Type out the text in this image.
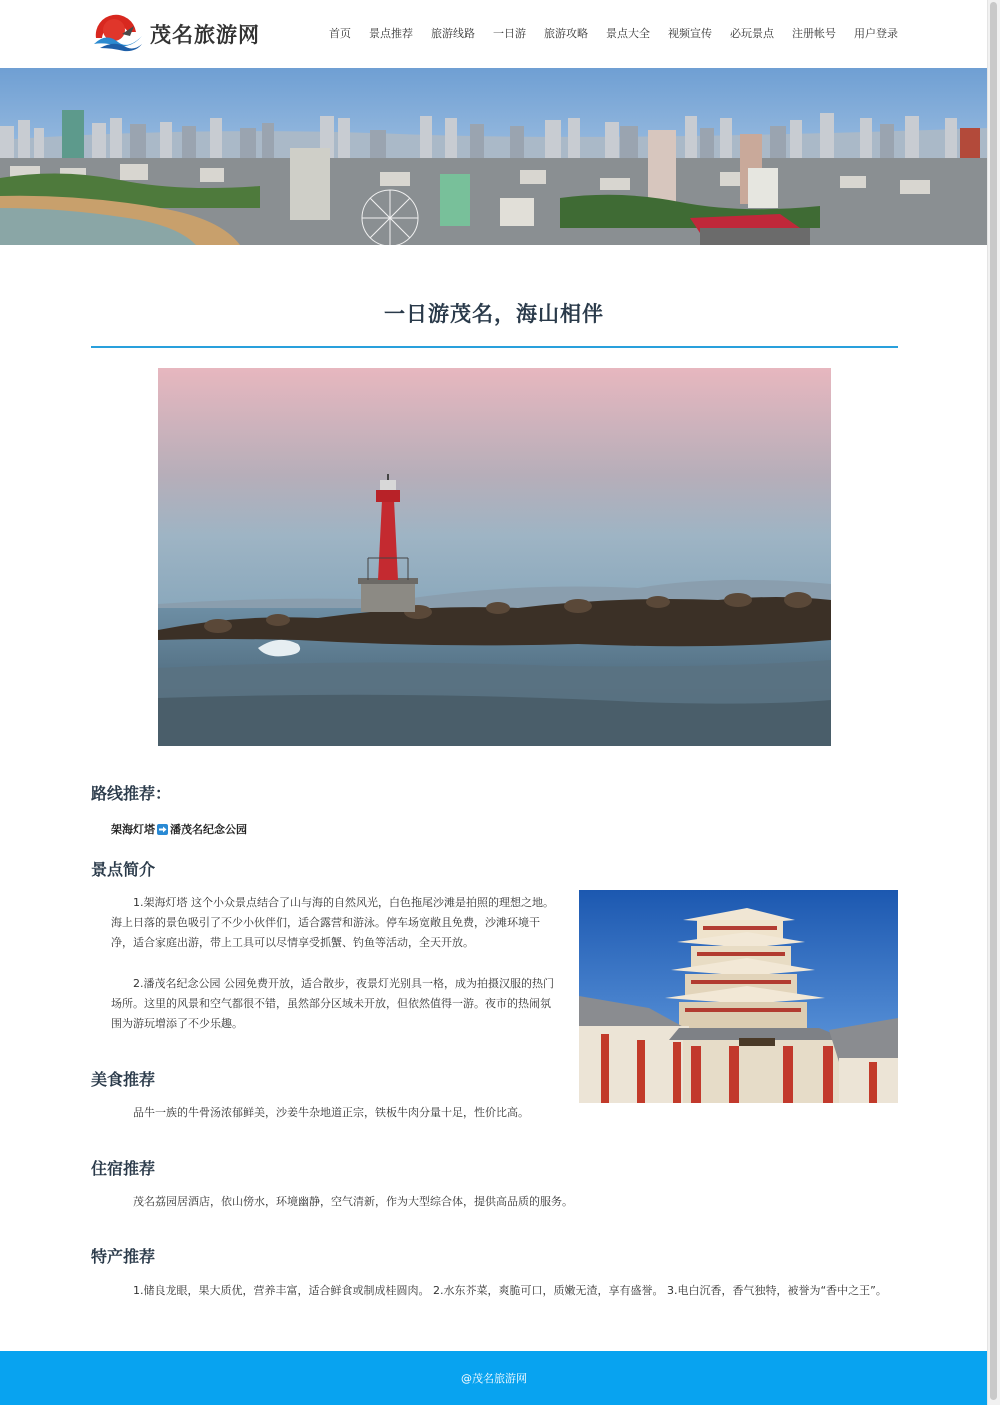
茂名旅游网	首页 景点推荐 旅游线路 一日游 旅游攻略 景点大全 视频宣传 必玩景点 注册帐号 用户登录
一日游茂名，海山相伴
路线推荐：
架海灯塔 潘茂名纪念公园
景点简介

1.架海灯塔 这个小众景点结合了山与海的自然风光，白色拖尾沙滩是拍照的理想之地。海上日落的景色吸引了不少小伙伴们，适合露营和游泳。停车场宽敞且免费，沙滩环境干净，适合家庭出游，带上工具可以尽情享受抓蟹、钓鱼等活动，全天开放。

2.潘茂名纪念公园 公园免费开放，适合散步，夜景灯光别具一格，成为拍摄汉服的热门场所。这里的风景和空气都很不错，虽然部分区域未开放，但依然值得一游。夜市的热闹氛围为游玩增添了不少乐趣。

美食推荐

品牛一族的牛骨汤浓郁鲜美，沙姜牛杂地道正宗，铁板牛肉分量十足，性价比高。

住宿推荐

茂名荔园居酒店，依山傍水，环境幽静，空气清新，作为大型综合体，提供高品质的服务。

特产推荐

1.储良龙眼，果大质优，营养丰富，适合鲜食或制成桂圆肉。 2.水东芥菜，爽脆可口，质嫩无渣，享有盛誉。 3.电白沉香，香气独特，被誉为“香中之王”。

@茂名旅游网
